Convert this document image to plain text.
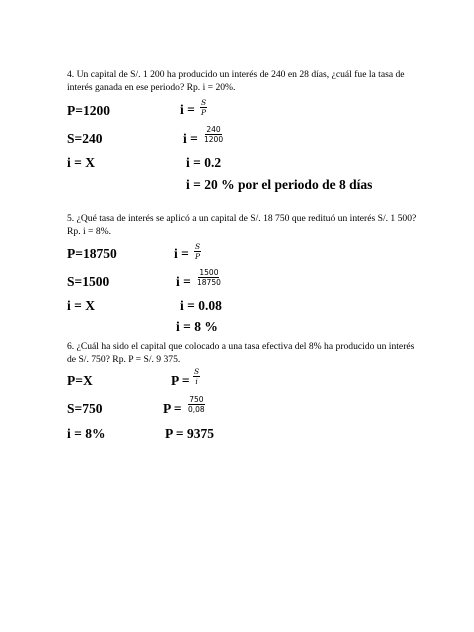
4. Un capital de S/. 1 200 ha producido un interés de 240 en 28 días, ¿cuál fue la tasa de interés ganada en ese periodo? Rp. i = 20%.
P=1200	$i = \frac{S}{P}$
S=240	$i = \frac{240}{1200}$
i = X	i = 0.2
i = 20 % por el periodo de 8 días
5. ¿Qué tasa de interés se aplicó a un capital de S/. 18 750 que redituó un interés S/. 1 500? Rp. i = 8%.
P=18750	$i = \frac{S}{P}$
S=1500	$i = \frac{1500}{18750}$
i = X	i = 0.08
i = 8 %
6. ¿Cuál ha sido el capital que colocado a una tasa efectiva del 8% ha producido un interés de S/. 750? Rp. P = S/. 9 375.
P=X	$P = \frac{S}{i}$
S=750	$P = \frac{750}{0,08}$
i = 8%	P = 9375
